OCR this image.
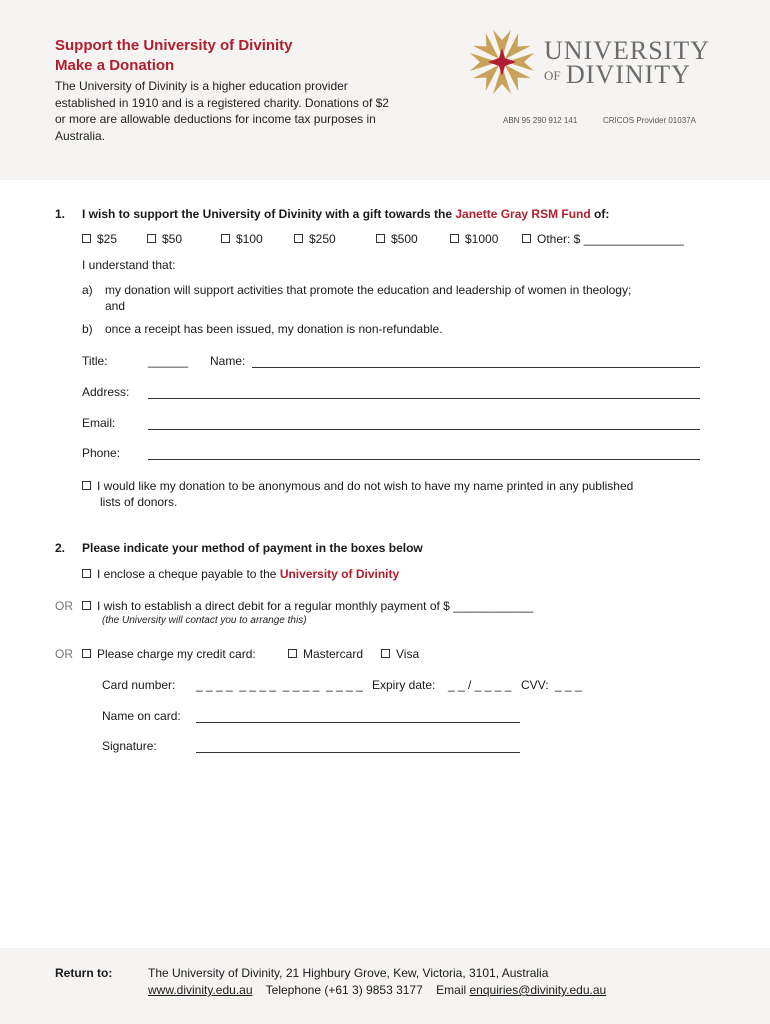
Support the University of Divinity
Make a Donation
The University of Divinity is a higher education provider established in 1910 and is a registered charity. Donations of $2 or more are allowable deductions for income tax purposes in Australia.
ABN 95 290 912 141	CRICOS Provider 01037A
UNIVERSITY
OF DIVINITY
1. I wish to support the University of Divinity with a gift towards the Janette Gray RSM Fund of:
$25	$50	$100	$250	$500	$1000	Other: $ _______________
I understand that:
a) my donation will support activities that promote the education and leadership of women in theology;
and
b) once a receipt has been issued, my donation is non-refundable.
Title:	______ Name:
Address:
Email:
Phone:
I would like my donation to be anonymous and do not wish to have my name printed in any published
lists of donors.
2. Please indicate your method of payment in the boxes below
I enclose a cheque payable to the University of Divinity
OR	I wish to establish a direct debit for a regular monthly payment of $ ____________
(the University will contact you to arrange this)
OR	Please charge my credit card:	Mastercard	Visa
Card number: _ _ _ _  _ _ _ _  _ _ _ _  _ _ _ _ Expiry date: _ _ / _ _ _ _ CVV: _ _ _
Name on card:
Signature:
Return to:	The University of Divinity, 21 Highbury Grove, Kew, Victoria, 3101, Australia
www.divinity.edu.au Telephone (+61 3) 9853 3177 Email enquiries@divinity.edu.au
